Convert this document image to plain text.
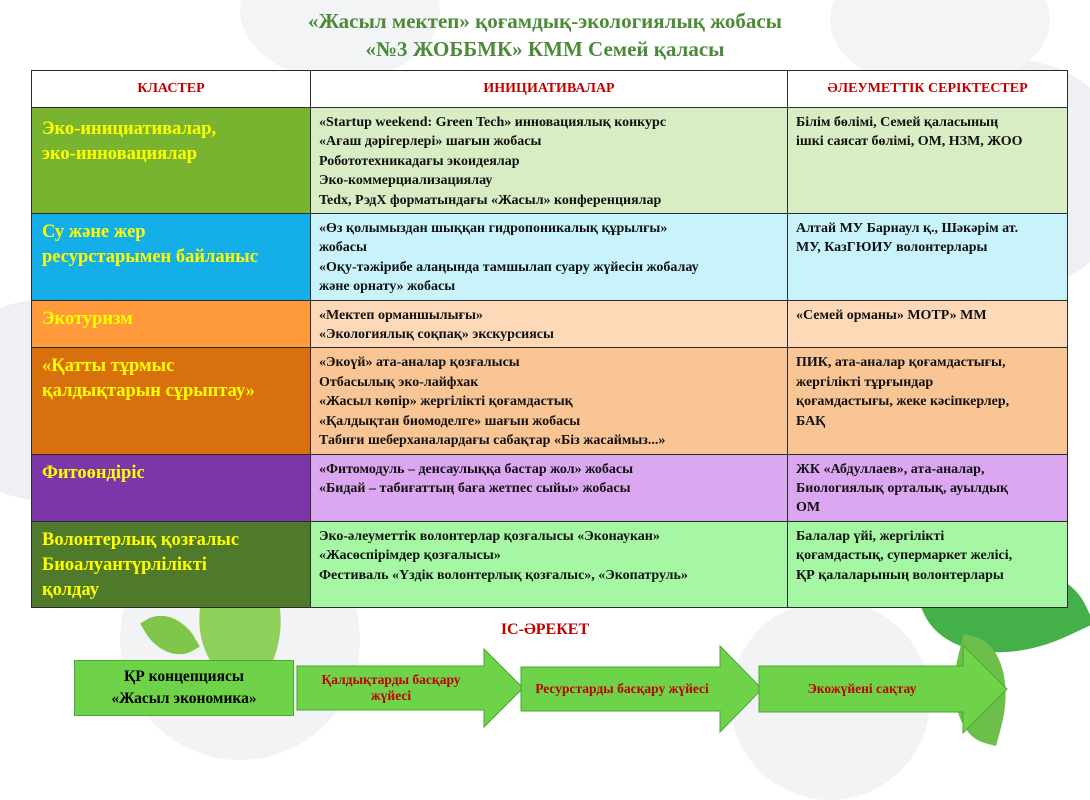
«Жасыл мектеп» қоғамдық-экологиялық жобасы
«№3 ЖОББМК» КММ Семей қаласы
КЛАСТЕР	ИНИЦИАТИВАЛАР	ӘЛЕУМЕТТІК СЕРІКТЕСТЕР

Эко-инициативалар,
эко-инновациялар	«Startup weekend: Green Tech» инновациялық конкурс
«Ағаш дәрігерлері» шағын жобасы
Робототехникадағы экоидеялар
Эко-коммерциализациялау
Tedx, РэдХ форматындағы «Жасыл» конференциялар	Білім бөлімі, Семей қаласының
ішкі саясат бөлімі, ОМ, НЗМ, ЖОО

Су және жер
ресурстарымен байланыс	«Өз қолымыздан шыққан гидропоникалық құрылғы»
жобасы
«Оқу-тәжірибе алаңында тамшылап суару жүйесін жобалау
және орнату» жобасы	Алтай МУ Барнаул қ., Шәкәрім ат.
МУ, КазГЮИУ волонтерлары

Экотуризм	«Мектеп орманшылығы»
«Экологиялық соқпақ» экскурсиясы	«Семей орманы» МОТР» ММ

«Қатты тұрмыс
қалдықтарын сұрыптау»	«Экоүй» ата-аналар қозғалысы
Отбасылық эко-лайфхак
«Жасыл көпір» жергілікті қоғамдастық
«Қалдықтан биомоделге» шағын жобасы
Табиғи шеберханалардағы сабақтар «Біз жасаймыз...»	ПИК, ата-аналар қоғамдастығы,
жергілікті тұрғындар
қоғамдастығы, жеке кәсіпкерлер,
БАҚ

Фитоөндіріс	«Фитомодуль – денсаулыққа бастар жол» жобасы
«Бидай – табиғаттың баға жетпес сыйы» жобасы	ЖК «Абдуллаев», ата-аналар,
Биологиялық орталық, ауылдық
ОМ

Волонтерлық қозғалыс
Биоалуантүрлілікті
қолдау	Эко-әлеуметтік волонтерлар қозғалысы «Эконаукан»
«Жасөспірімдер қозғалысы»
Фестиваль «Үздік волонтерлық қозғалыс», «Экопатруль»	Балалар үйі, жергілікті
қоғамдастық, супермаркет желісі,
ҚР қалаларының волонтерлары
ІС-ӘРЕКЕТ
ҚР концепциясы
«Жасыл экономика»
Қалдықтарды басқару
жүйесі	Ресурстарды басқару жүйесі	Экожүйені сақтау
